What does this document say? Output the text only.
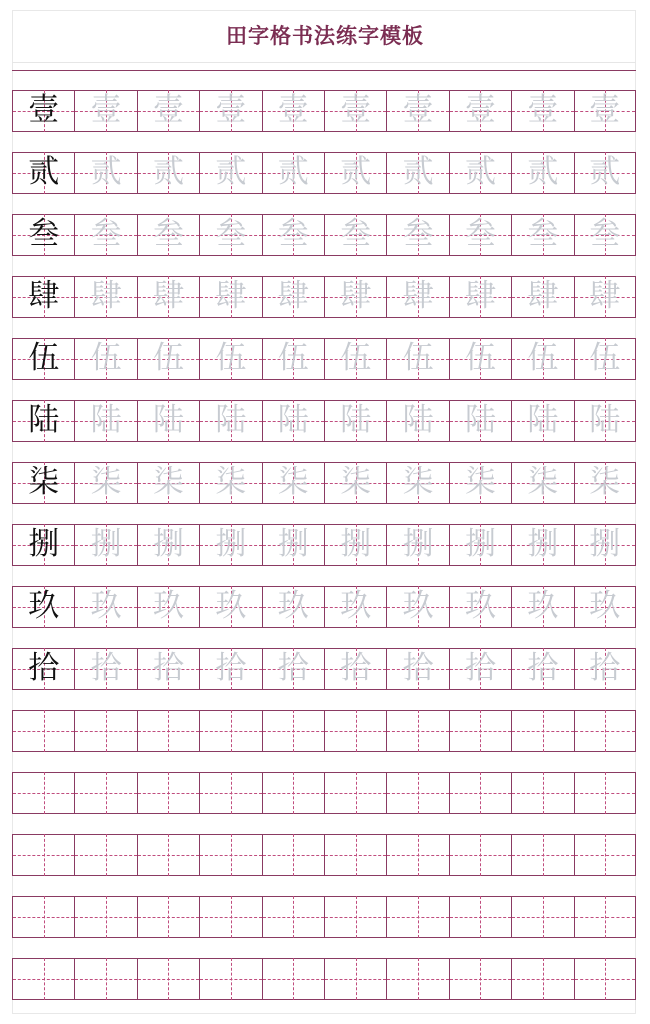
田字格书法练字模板
壹	壹	壹	壹	壹	壹	壹	壹	壹 壹
贰	贰	贰	贰	贰	贰	贰	贰	贰 贰
叁	叁	叁	叁	叁	叁	叁	叁	叁 叁
肆	肆	肆	肆	肆	肆	肆	肆	肆 肆
伍	伍	伍	伍	伍	伍	伍	伍	伍 伍
陆	陆	陆	陆	陆	陆	陆	陆	陆 陆
柒	柒	柒	柒	柒	柒	柒	柒	柒 柒
捌	捌	捌	捌	捌	捌	捌	捌	捌 捌
玖	玖	玖	玖	玖	玖	玖	玖	玖 玖
拾	拾	拾	拾	拾	拾	拾	拾	拾 拾
